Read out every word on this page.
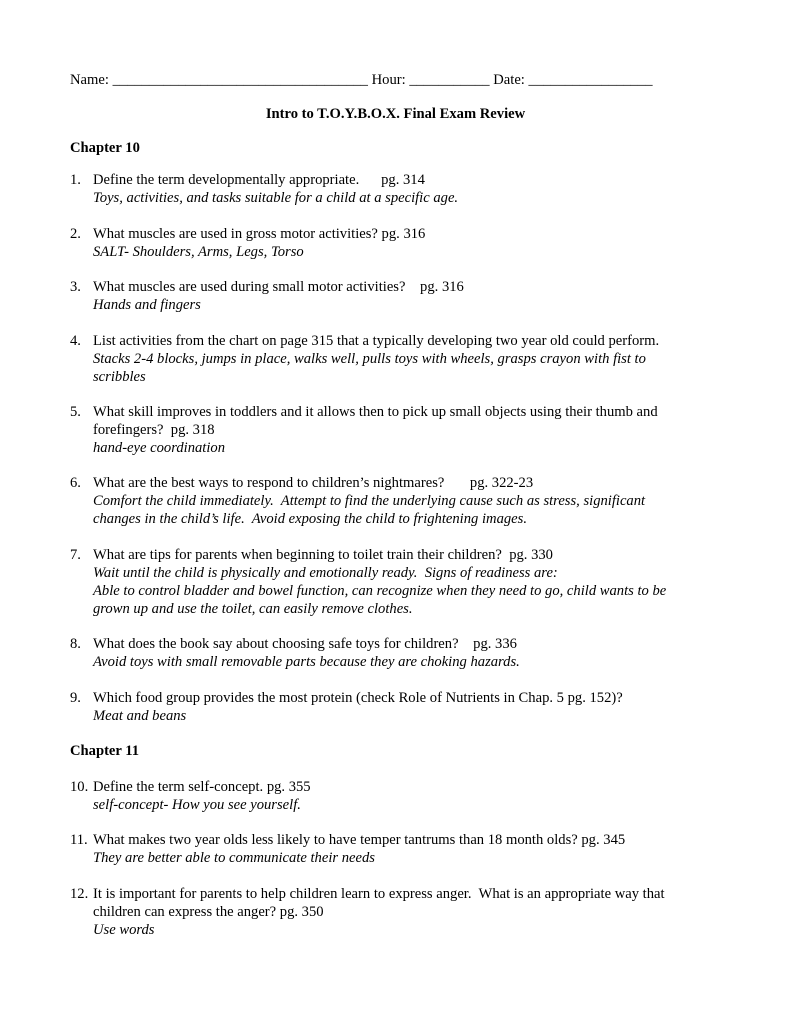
Name: ___________________________________ Hour: ___________ Date: _________________
Intro to T.O.Y.B.O.X. Final Exam Review
Chapter 10
1. Define the term developmentally appropriate.      pg. 314
Toys, activities, and tasks suitable for a child at a specific age.
2. What muscles are used in gross motor activities? pg. 316
SALT- Shoulders, Arms, Legs, Torso
3. What muscles are used during small motor activities?    pg. 316
Hands and fingers
4. List activities from the chart on page 315 that a typically developing two year old could perform.
Stacks 2-4 blocks, jumps in place, walks well, pulls toys with wheels, grasps crayon with fist to
scribbles
5. What skill improves in toddlers and it allows then to pick up small objects using their thumb and
forefingers?  pg. 318
hand-eye coordination
6. What are the best ways to respond to children’s nightmares?       pg. 322-23
Comfort the child immediately.  Attempt to find the underlying cause such as stress, significant
changes in the child’s life.  Avoid exposing the child to frightening images.
7. What are tips for parents when beginning to toilet train their children?  pg. 330
Wait until the child is physically and emotionally ready.  Signs of readiness are:
Able to control bladder and bowel function, can recognize when they need to go, child wants to be
grown up and use the toilet, can easily remove clothes.
8. What does the book say about choosing safe toys for children?    pg. 336
Avoid toys with small removable parts because they are choking hazards.
9. Which food group provides the most protein (check Role of Nutrients in Chap. 5 pg. 152)?
Meat and beans
Chapter 11
10. Define the term self-concept. pg. 355
self-concept- How you see yourself.
11. What makes two year olds less likely to have temper tantrums than 18 month olds? pg. 345
They are better able to communicate their needs
12. It is important for parents to help children learn to express anger.  What is an appropriate way that
children can express the anger? pg. 350
Use words
